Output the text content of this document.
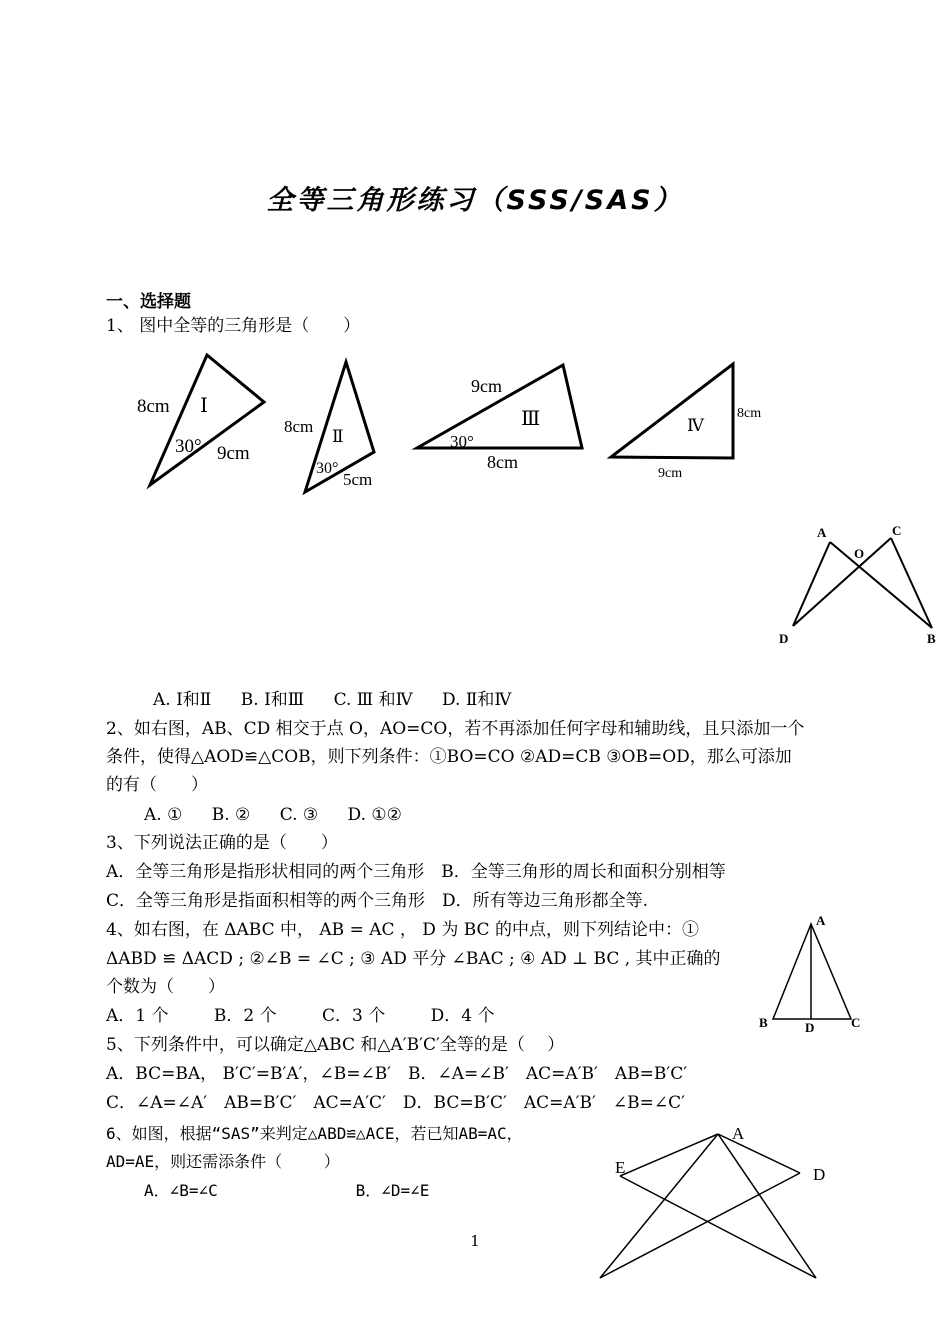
全等三角形练习（SSS/SAS）
一、选择题
1、 图中全等的三角形是（　　）
Ⅰ
8cm
30° 9cm
Ⅱ
8cm
30°
5cm
Ⅲ
9cm
30°
8cm
Ⅳ
8cm
9cm
A	C
O
D	B
A. Ⅰ和Ⅱ B. Ⅰ和Ⅲ C. Ⅲ 和Ⅳ D. Ⅱ和Ⅳ
2、如右图，AB、CD 相交于点 O，AO=CO，若不再添加任何字母和辅助线，且只添加一个
条件，使得△AOD≌△COB，则下列条件：①BO=CO ②AD=CB ③OB=OD，那么可添加
的有（　　）
A. ① B. ② C. ③ D. ①②
3、下列说法正确的是（　　）
A．全等三角形是指形状相同的两个三角形　B．全等三角形的周长和面积分别相等
C．全等三角形是指面积相等的两个三角形　D．所有等边三角形都全等.
4、如右图，在 ΔABC 中， AB = AC ， D 为 BC 的中点，则下列结论中：①
ΔABD ≌ ΔACD ; ②∠B = ∠C ; ③ AD 平分 ∠BAC ; ④ AD ⊥ BC , 其中正确的
个数为（　　）
A．1 个	B．2 个	C．3 个	D．4 个
A
B	D	C
5、下列条件中，可以确定△ABC 和△A′B′C′全等的是（　 ）
A．BC=BA， B′C′=B′A′，∠B=∠B′　B．∠A=∠B′　AC=A′B′　AB=B′C′
C．∠A=∠A′　AB=B′C′　AC=A′C′　D．BC=B′C′　AC=A′B′　∠B=∠C′
6、如图，根据“SAS”来判定△ABD≌△ACE，若已知AB=AC，
AD=AE，则还需添条件（　　 ）
A．∠B=∠C	B．∠D=∠E
A
E	D
1
